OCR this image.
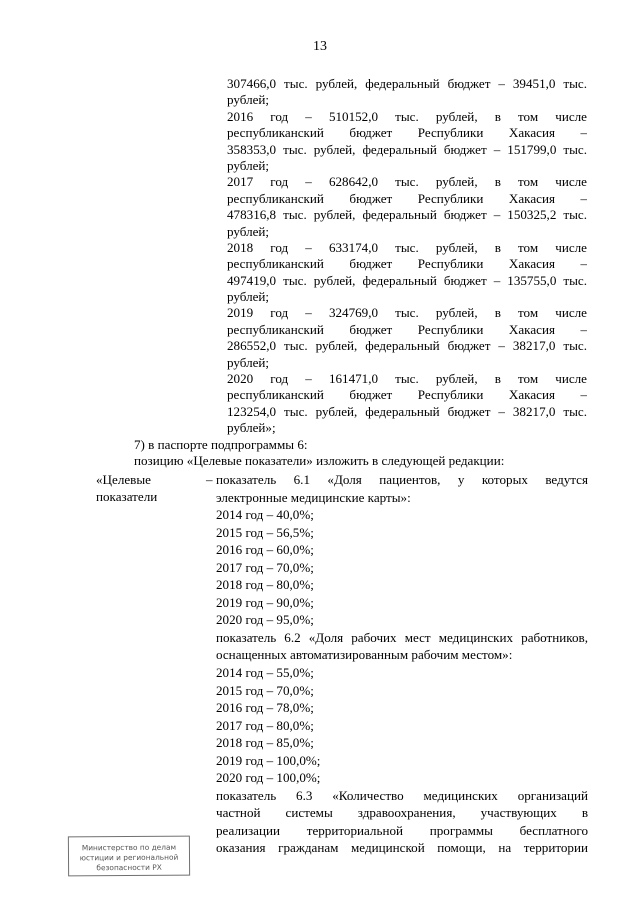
13
307466,0 тыс. рублей, федеральный бюджет – 39451,0 тыс.
рублей;
2016 год – 510152,0 тыс. рублей, в том числе
республиканский бюджет Республики Хакасия –
358353,0 тыс. рублей, федеральный бюджет – 151799,0 тыс.
рублей;
2017 год – 628642,0 тыс. рублей, в том числе
республиканский бюджет Республики Хакасия –
478316,8 тыс. рублей, федеральный бюджет – 150325,2 тыс.
рублей;
2018 год – 633174,0 тыс. рублей, в том числе
республиканский бюджет Республики Хакасия –
497419,0 тыс. рублей, федеральный бюджет – 135755,0 тыс.
рублей;
2019 год – 324769,0 тыс. рублей, в том числе
республиканский бюджет Республики Хакасия –
286552,0 тыс. рублей, федеральный бюджет – 38217,0 тыс.
рублей;
2020 год – 161471,0 тыс. рублей, в том числе
республиканский бюджет Республики Хакасия –
123254,0 тыс. рублей, федеральный бюджет – 38217,0 тыс.
рублей»;
7) в паспорте подпрограммы 6:
позицию «Целевые показатели» изложить в следующей редакции:
«Целевые
показатели
– показатель 6.1 «Доля пациентов, у которых ведутся
электронные медицинские карты»:
2014 год – 40,0%;
2015 год – 56,5%;
2016 год – 60,0%;
2017 год – 70,0%;
2018 год – 80,0%;
2019 год – 90,0%;
2020 год – 95,0%;
показатель 6.2 «Доля рабочих мест медицинских работников,
оснащенных автоматизированным рабочим местом»:
2014 год – 55,0%;
2015 год – 70,0%;
2016 год – 78,0%;
2017 год – 80,0%;
2018 год – 85,0%;
2019 год – 100,0%;
2020 год – 100,0%;
показатель 6.3 «Количество медицинских организаций
частной системы здравоохранения, участвующих в
реализации территориальной программы бесплатного
оказания гражданам медицинской помощи, на территории
Министерство по делам
юстиции и региональной
безопасности РХ
